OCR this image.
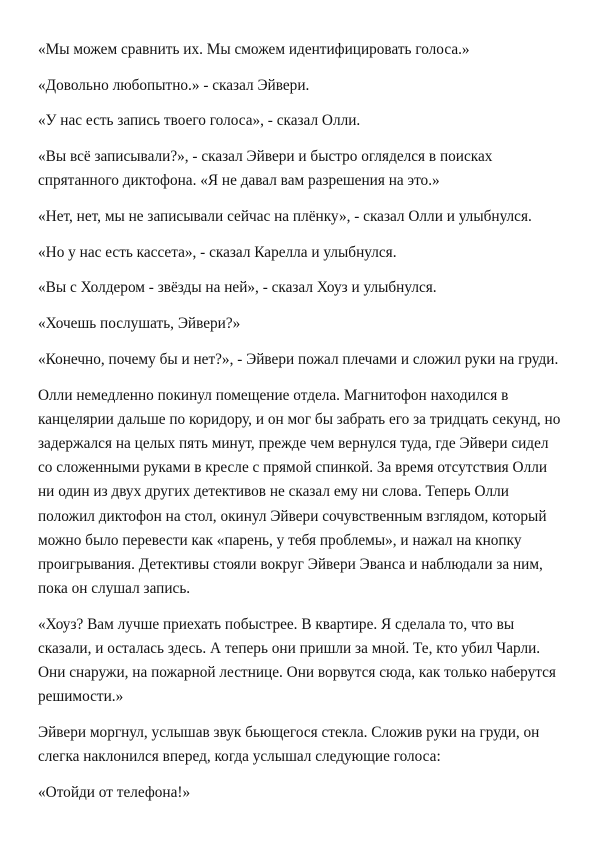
«Мы можем сравнить их. Мы сможем идентифицировать голоса.»

«Довольно любопытно.» - сказал Эйвери.

«У нас есть запись твоего голоса», - сказал Олли.

«Вы всё записывали?», - сказал Эйвери и быстро огляделся в поисках спрятанного диктофона. «Я не давал вам разрешения на это.»

«Нет, нет, мы не записывали сейчас на плёнку», - сказал Олли и улыбнулся.

«Но у нас есть кассета», - сказал Карелла и улыбнулся.

«Вы с Холдером - звёзды на ней», - сказал Хоуз и улыбнулся.

«Хочешь послушать, Эйвери?»

«Конечно, почему бы и нет?», - Эйвери пожал плечами и сложил руки на груди.

Олли немедленно покинул помещение отдела. Магнитофон находился в канцелярии дальше по коридору, и он мог бы забрать его за тридцать секунд, но задержался на целых пять минут, прежде чем вернулся туда, где Эйвери сидел со сложенными руками в кресле с прямой спинкой. За время отсутствия Олли ни один из двух других детективов не сказал ему ни слова. Теперь Олли положил диктофон на стол, окинул Эйвери сочувственным взглядом, который можно было перевести как «парень, у тебя проблемы», и нажал на кнопку проигрывания. Детективы стояли вокруг Эйвери Эванса и наблюдали за ним, пока он слушал запись.

«Хоуз? Вам лучше приехать побыстрее. В квартире. Я сделала то, что вы сказали, и осталась здесь. А теперь они пришли за мной. Те, кто убил Чарли. Они снаружи, на пожарной лестнице. Они ворвутся сюда, как только наберутся решимости.»

Эйвери моргнул, услышав звук бьющегося стекла. Сложив руки на груди, он слегка наклонился вперед, когда услышал следующие голоса:

«Отойди от телефона!»
